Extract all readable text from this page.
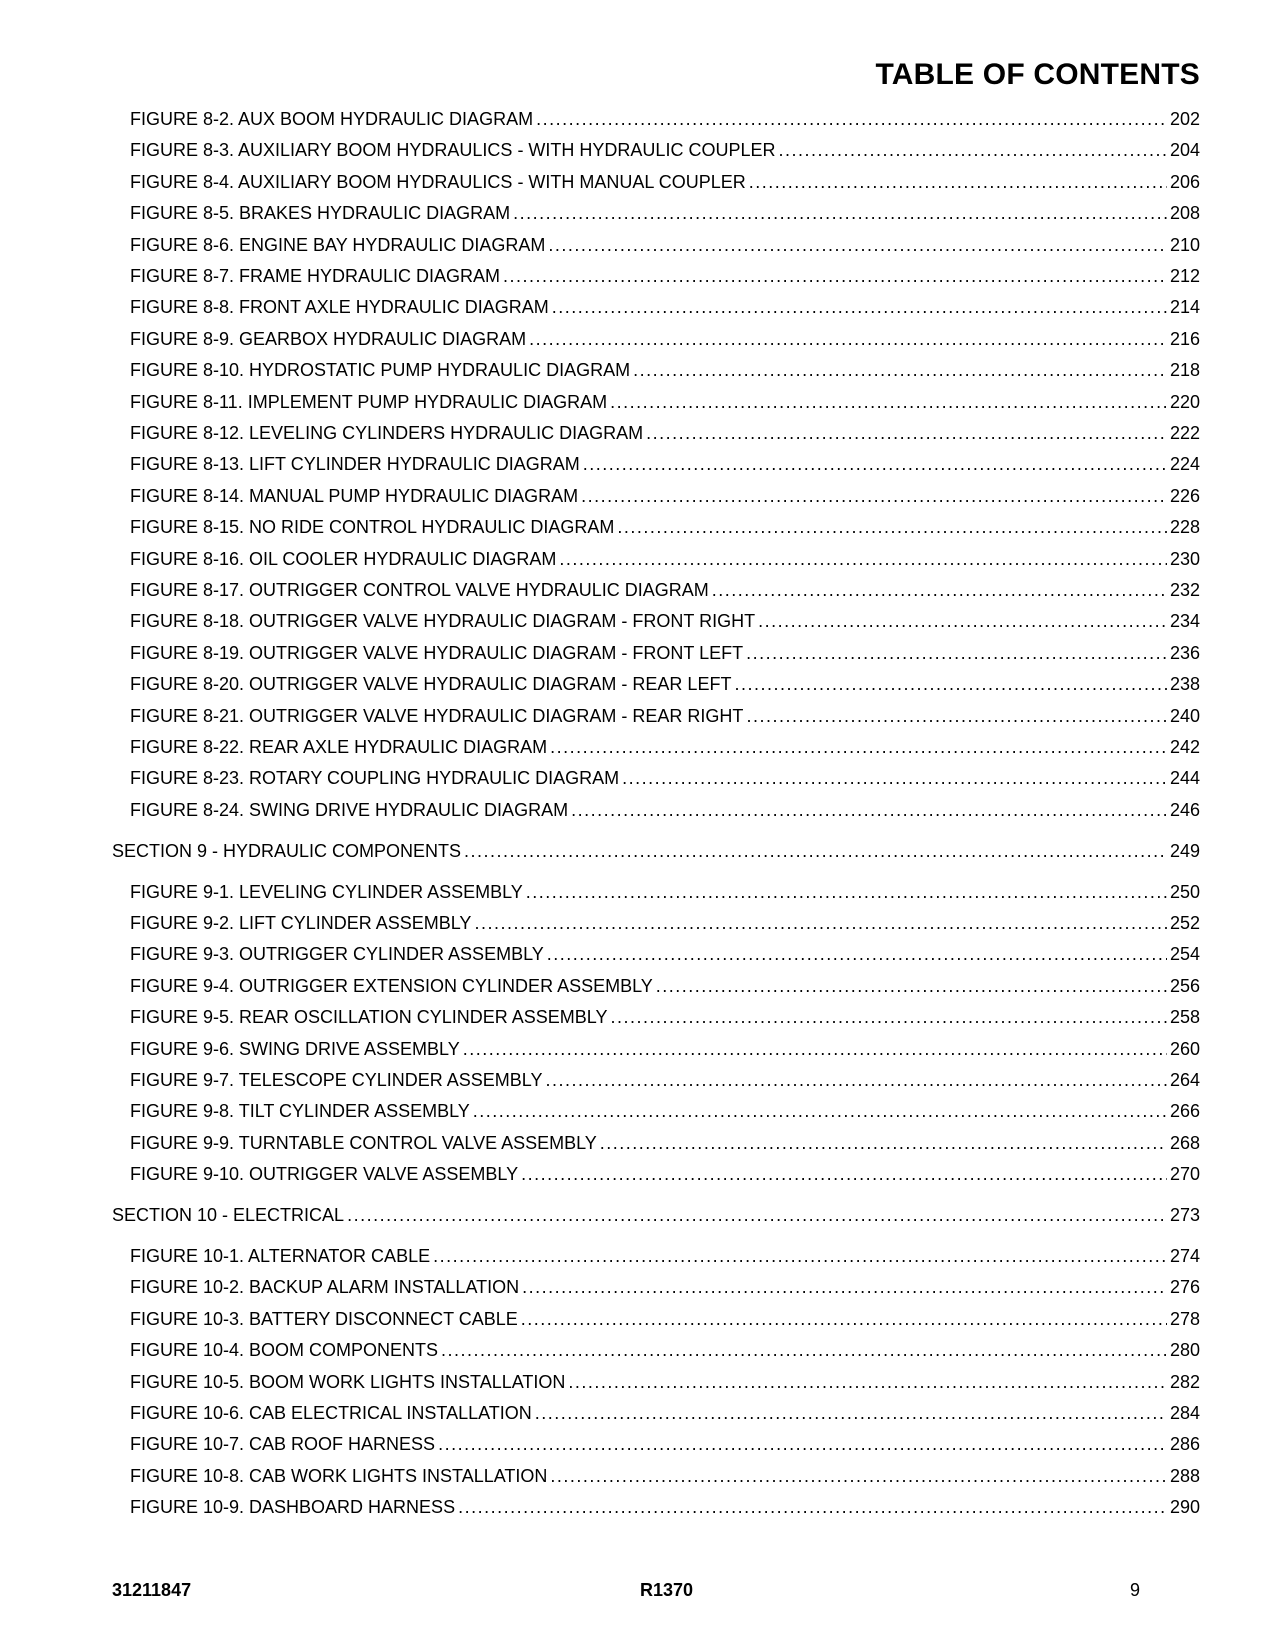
TABLE OF CONTENTS
FIGURE 8-2. AUX BOOM HYDRAULIC DIAGRAM .....	202
FIGURE 8-3. AUXILIARY BOOM HYDRAULICS - WITH HYDRAULIC COUPLER .....	204
FIGURE 8-4. AUXILIARY BOOM HYDRAULICS - WITH MANUAL COUPLER .....	206
FIGURE 8-5. BRAKES HYDRAULIC DIAGRAM .....	208
FIGURE 8-6. ENGINE BAY HYDRAULIC DIAGRAM .....	210
FIGURE 8-7. FRAME HYDRAULIC DIAGRAM .....	212
FIGURE 8-8. FRONT AXLE HYDRAULIC DIAGRAM .....	214
FIGURE 8-9. GEARBOX HYDRAULIC DIAGRAM .....	216
FIGURE 8-10. HYDROSTATIC PUMP HYDRAULIC DIAGRAM .....	218
FIGURE 8-11. IMPLEMENT PUMP HYDRAULIC DIAGRAM .....	220
FIGURE 8-12. LEVELING CYLINDERS HYDRAULIC DIAGRAM .....	222
FIGURE 8-13. LIFT CYLINDER HYDRAULIC DIAGRAM .....	224
FIGURE 8-14. MANUAL PUMP HYDRAULIC DIAGRAM .....	226
FIGURE 8-15. NO RIDE CONTROL HYDRAULIC DIAGRAM .....	228
FIGURE 8-16. OIL COOLER HYDRAULIC DIAGRAM .....	230
FIGURE 8-17. OUTRIGGER CONTROL VALVE HYDRAULIC DIAGRAM .....	232
FIGURE 8-18. OUTRIGGER VALVE HYDRAULIC DIAGRAM - FRONT RIGHT .....	234
FIGURE 8-19. OUTRIGGER VALVE HYDRAULIC DIAGRAM - FRONT LEFT .....	236
FIGURE 8-20. OUTRIGGER VALVE HYDRAULIC DIAGRAM - REAR LEFT .....	238
FIGURE 8-21. OUTRIGGER VALVE HYDRAULIC DIAGRAM - REAR RIGHT .....	240
FIGURE 8-22. REAR AXLE HYDRAULIC DIAGRAM .....	242
FIGURE 8-23. ROTARY COUPLING HYDRAULIC DIAGRAM .....	244
FIGURE 8-24. SWING DRIVE HYDRAULIC DIAGRAM .....	246
SECTION 9 - HYDRAULIC COMPONENTS .....	249
FIGURE 9-1. LEVELING CYLINDER ASSEMBLY .....	250
FIGURE 9-2. LIFT CYLINDER ASSEMBLY .....	252
FIGURE 9-3. OUTRIGGER CYLINDER ASSEMBLY .....	254
FIGURE 9-4. OUTRIGGER EXTENSION CYLINDER ASSEMBLY .....	256
FIGURE 9-5. REAR OSCILLATION CYLINDER ASSEMBLY .....	258
FIGURE 9-6. SWING DRIVE ASSEMBLY .....	260
FIGURE 9-7. TELESCOPE CYLINDER ASSEMBLY .....	264
FIGURE 9-8. TILT CYLINDER ASSEMBLY .....	266
FIGURE 9-9. TURNTABLE CONTROL VALVE ASSEMBLY .....	268
FIGURE 9-10. OUTRIGGER VALVE ASSEMBLY .....	270
SECTION 10 - ELECTRICAL .....	273
FIGURE 10-1. ALTERNATOR CABLE .....	274
FIGURE 10-2. BACKUP ALARM INSTALLATION .....	276
FIGURE 10-3. BATTERY DISCONNECT CABLE .....	278
FIGURE 10-4. BOOM COMPONENTS .....	280
FIGURE 10-5. BOOM WORK LIGHTS INSTALLATION .....	282
FIGURE 10-6. CAB ELECTRICAL INSTALLATION .....	284
FIGURE 10-7. CAB ROOF HARNESS .....	286
FIGURE 10-8. CAB WORK LIGHTS INSTALLATION .....	288
FIGURE 10-9. DASHBOARD HARNESS .....	290
31211847	R1370	9
